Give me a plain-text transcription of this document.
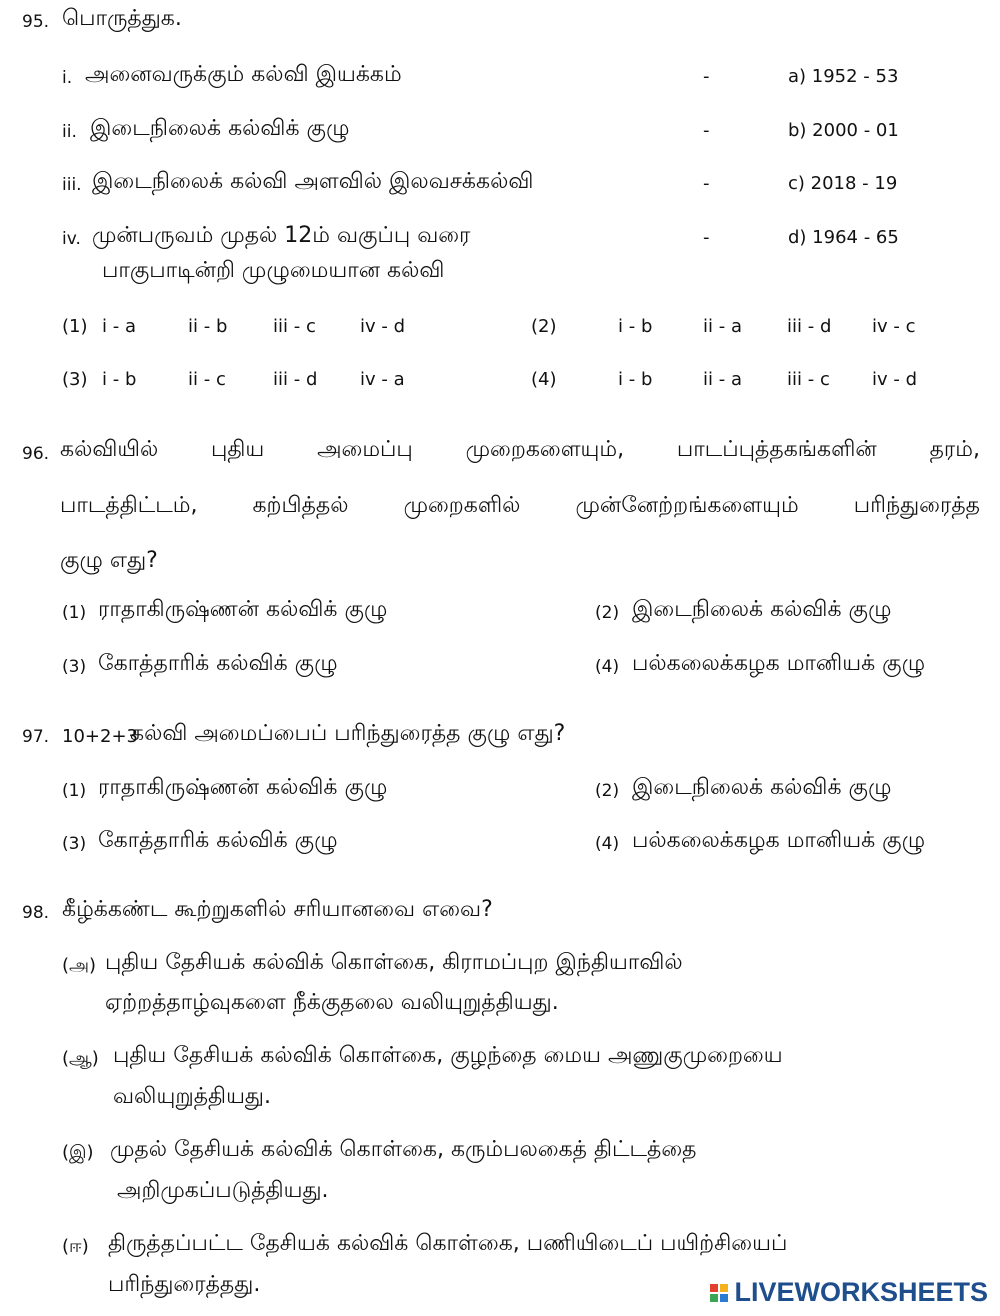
95. பொருத்துக.
i. அனைவருக்கும் கல்வி இயக்கம்	-	a) 1952 - 53
ii. இடைநிலைக் கல்விக் குழு	-	b) 2000 - 01
iii. இடைநிலைக் கல்வி அளவில் இலவசக்கல்வி	-	c) 2018 - 19
iv. முன்பருவம் முதல் 12ம் வகுப்பு வரை
பாகுபாடின்றி முழுமையான கல்வி
-	d) 1964 - 65
(1) i - a	ii - b	iii - c iv - d	(2)	i - b	ii - a	iii - d iv - c
(3) i - b	ii - c	iii - d iv - a	(4)	i - b	ii - a	iii - c iv - d
96. கல்வியில் புதிய அமைப்பு முறைகளையும், பாடப்புத்தகங்களின் தரம்,
பாடத்திட்டம்,	கற்பித்தல்	முறைகளில்	முன்னேற்றங்களையும்	பரிந்துரைத்த
குழு எது?
(1) ராதாகிருஷ்ணன் கல்விக் குழு	(2) இடைநிலைக் கல்விக் குழு
(3) கோத்தாரிக் கல்விக் குழு	(4) பல்கலைக்கழக மானியக் குழு
97. 10+2+3
கல்வி அமைப்பைப் பரிந்துரைத்த குழு எது?
(1) ராதாகிருஷ்ணன் கல்விக் குழு	(2) இடைநிலைக் கல்விக் குழு
(3) கோத்தாரிக் கல்விக் குழு	(4) பல்கலைக்கழக மானியக் குழு
98. கீழ்க்கண்ட கூற்றுகளில் சரியானவை எவை?
(அ) புதிய தேசியக் கல்விக் கொள்கை, கிராமப்புற இந்தியாவில்
ஏற்றத்தாழ்வுகளை நீக்குதலை வலியுறுத்தியது.
(ஆ) புதிய தேசியக் கல்விக் கொள்கை, குழந்தை மைய அணுகுமுறையை
வலியுறுத்தியது.
(இ) முதல் தேசியக் கல்விக் கொள்கை, கரும்பலகைத் திட்டத்தை
அறிமுகப்படுத்தியது.
(ஈ) திருத்தப்பட்ட தேசியக் கல்விக் கொள்கை, பணியிடைப் பயிற்சியைப்
பரிந்துரைத்தது.	LIVEWORKSHEETS
